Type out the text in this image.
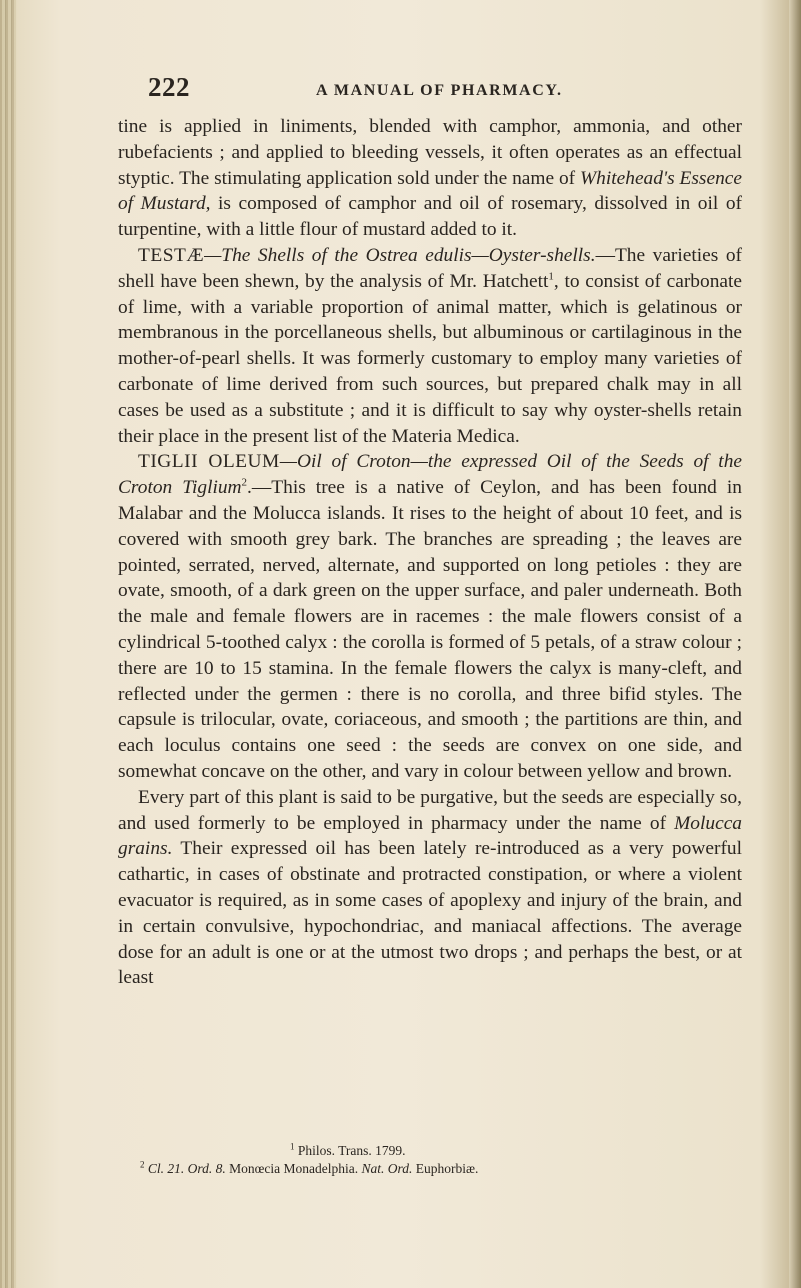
222	A MANUAL OF PHARMACY.

tine is applied in liniments, blended with camphor, ammonia, and other rubefacients ; and applied to bleeding vessels, it often operates as an effectual styptic. The stimulating application sold under the name of Whitehead's Essence of Mustard, is composed of camphor and oil of rosemary, dissolved in oil of turpentine, with a little flour of mustard added to it.

TESTÆ—The Shells of the Ostrea edulis—Oyster-shells.—The varieties of shell have been shewn, by the analysis of Mr. Hatchett$^1$, to consist of carbonate of lime, with a variable proportion of animal matter, which is gelatinous or membranous in the porcellaneous shells, but albuminous or cartilaginous in the mother-of-pearl shells. It was formerly customary to employ many varieties of carbonate of lime derived from such sources, but prepared chalk may in all cases be used as a substitute ; and it is difficult to say why oyster-shells retain their place in the present list of the Materia Medica.

TIGLII OLEUM—Oil of Croton—the expressed Oil of the Seeds of the Croton Tiglium$^2$.—This tree is a native of Ceylon, and has been found in Malabar and the Molucca islands. It rises to the height of about 10 feet, and is covered with smooth grey bark. The branches are spreading ; the leaves are pointed, serrated, nerved, alternate, and supported on long petioles : they are ovate, smooth, of a dark green on the upper surface, and paler underneath. Both the male and female flowers are in racemes : the male flowers consist of a cylindrical 5-toothed calyx : the corolla is formed of 5 petals, of a straw colour ; there are 10 to 15 stamina. In the female flowers the calyx is many-cleft, and reflected under the germen : there is no corolla, and three bifid styles. The capsule is trilocular, ovate, coriaceous, and smooth ; the partitions are thin, and each loculus contains one seed : the seeds are convex on one side, and somewhat concave on the other, and vary in colour between yellow and brown.

Every part of this plant is said to be purgative, but the seeds are especially so, and used formerly to be employed in pharmacy under the name of Molucca grains. Their expressed oil has been lately re-introduced as a very powerful cathartic, in cases of obstinate and protracted constipation, or where a violent evacuator is required, as in some cases of apoplexy and injury of the brain, and in certain convulsive, hypochondriac, and maniacal affections. The average dose for an adult is one or at the utmost two drops ; and perhaps the best, or at least

$^1$ Philos. Trans. 1799.
$^2$ Cl. 21. Ord. 8. Monœcia Monadelphia. Nat. Ord. Euphorbiæ.
